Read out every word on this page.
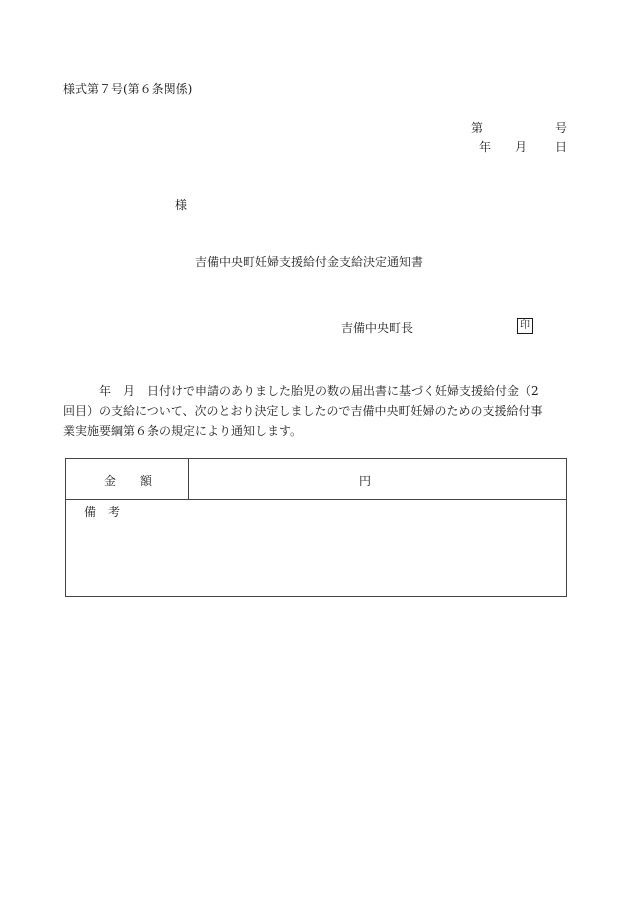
様式第７号(第６条関係)
第	号
年 月 日
様
吉備中央町妊婦支援給付金支給決定通知書
吉備中央町長	印

年　月　日付けで申請のありました胎児の数の届出書に基づく妊婦支援給付金（2

回目）の支給について、次のとおり決定しましたので吉備中央町妊婦のための支援給付事

業実施要綱第６条の規定により通知します。

金 額	円
備 考
